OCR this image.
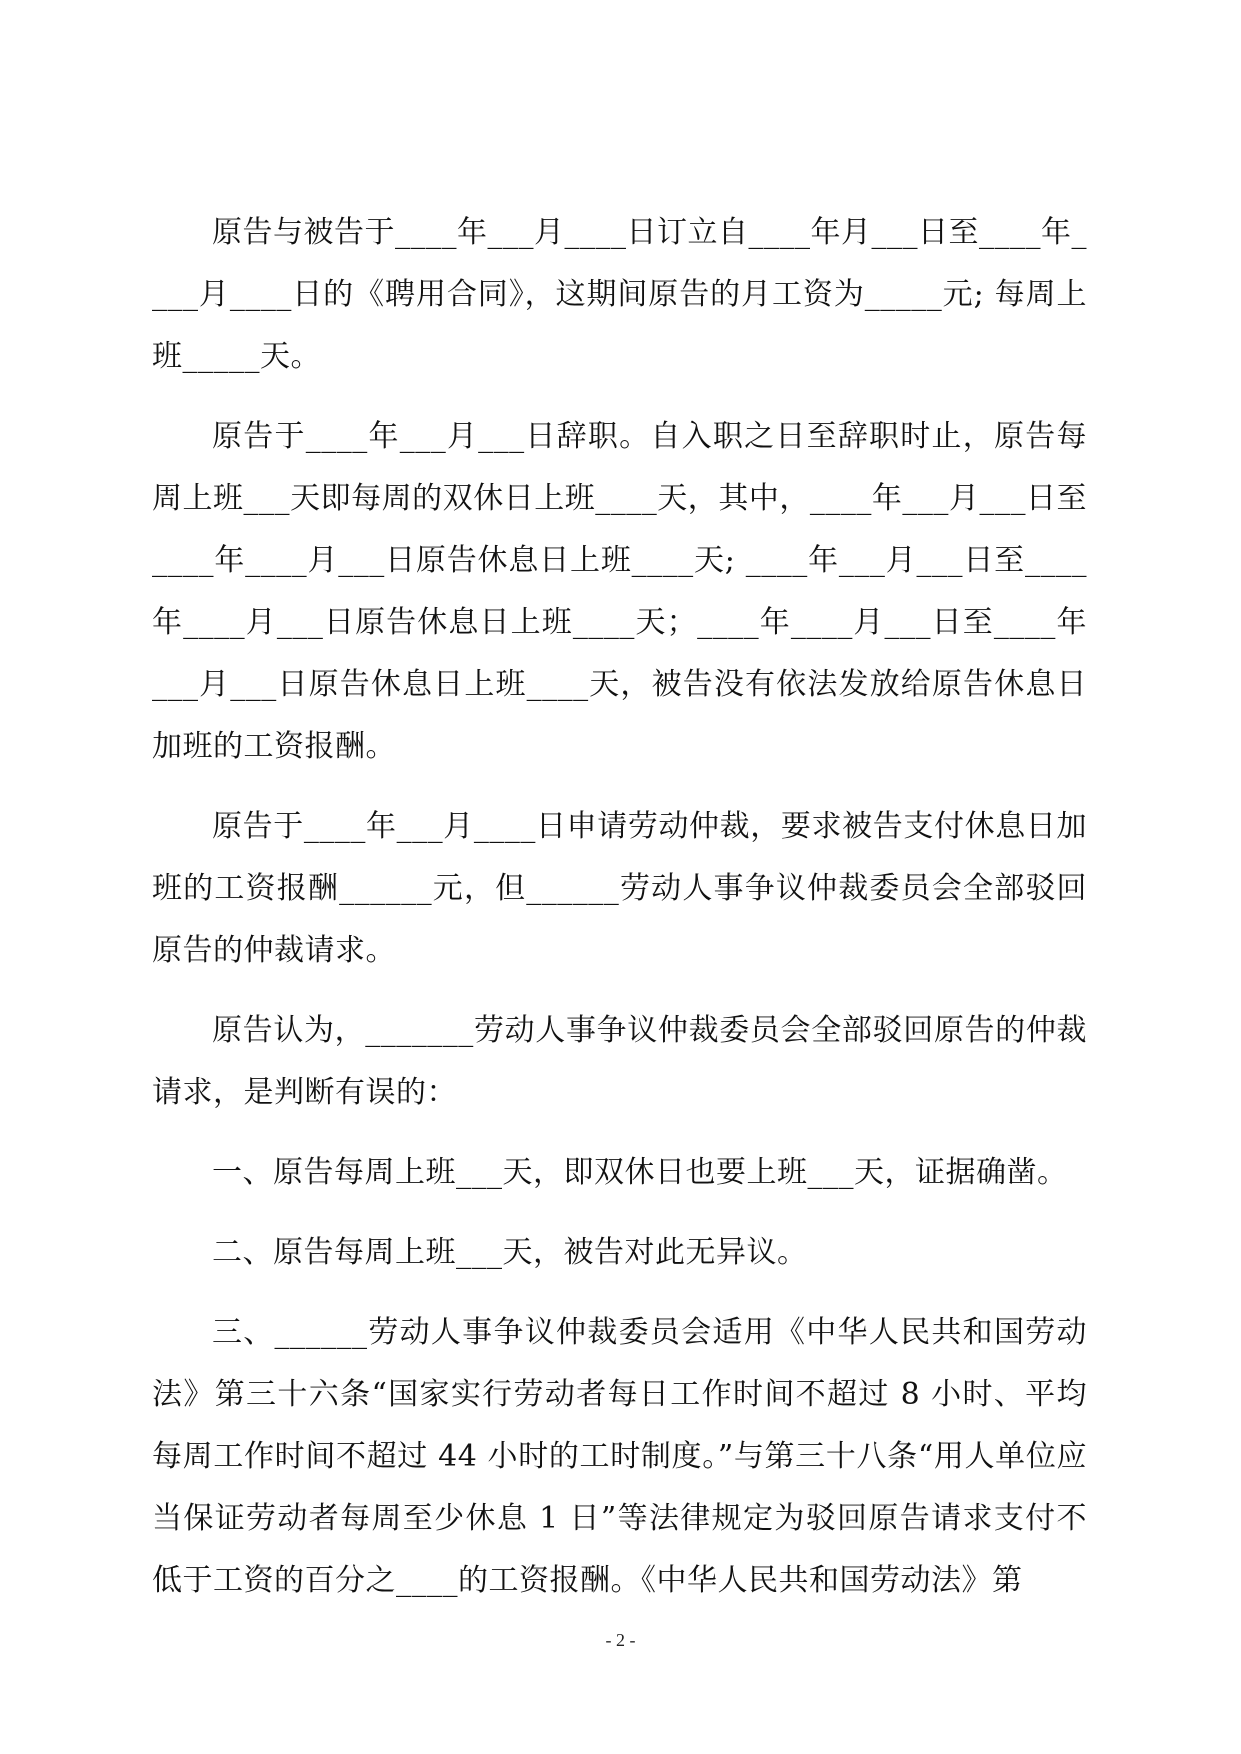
原告与被告于____年___月____日订立自____年月___日至____年____月____日的《聘用合同》，这期间原告的月工资为_____元; 每周上班_____天。

原告于____年___月___日辞职。自入职之日至辞职时止，原告每周上班___天即每周的双休日上班____天，其中，____年___月___日至____年____月___日原告休息日上班____天; ____年___月___日至____年____月___日原告休息日上班____天；____年____月___日至____年___月___日原告休息日上班____天，被告没有依法发放给原告休息日加班的工资报酬。

原告于____年___月____日申请劳动仲裁，要求被告支付休息日加班的工资报酬______元，但______劳动人事争议仲裁委员会全部驳回原告的仲裁请求。

原告认为，_______劳动人事争议仲裁委员会全部驳回原告的仲裁请求，是判断有误的：

一、原告每周上班___天，即双休日也要上班___天，证据确凿。

二、原告每周上班___天，被告对此无异议。

三、______劳动人事争议仲裁委员会适用《中华人民共和国劳动法》第三十六条“国家实行劳动者每日工作时间不超过 8 小时、平均每周工作时间不超过 44 小时的工时制度。”与第三十八条“用人单位应当保证劳动者每周至少休息 1 日”等法律规定为驳回原告请求支付不低于工资的百分之____的工资报酬。《中华人民共和国劳动法》第

- 2 -
